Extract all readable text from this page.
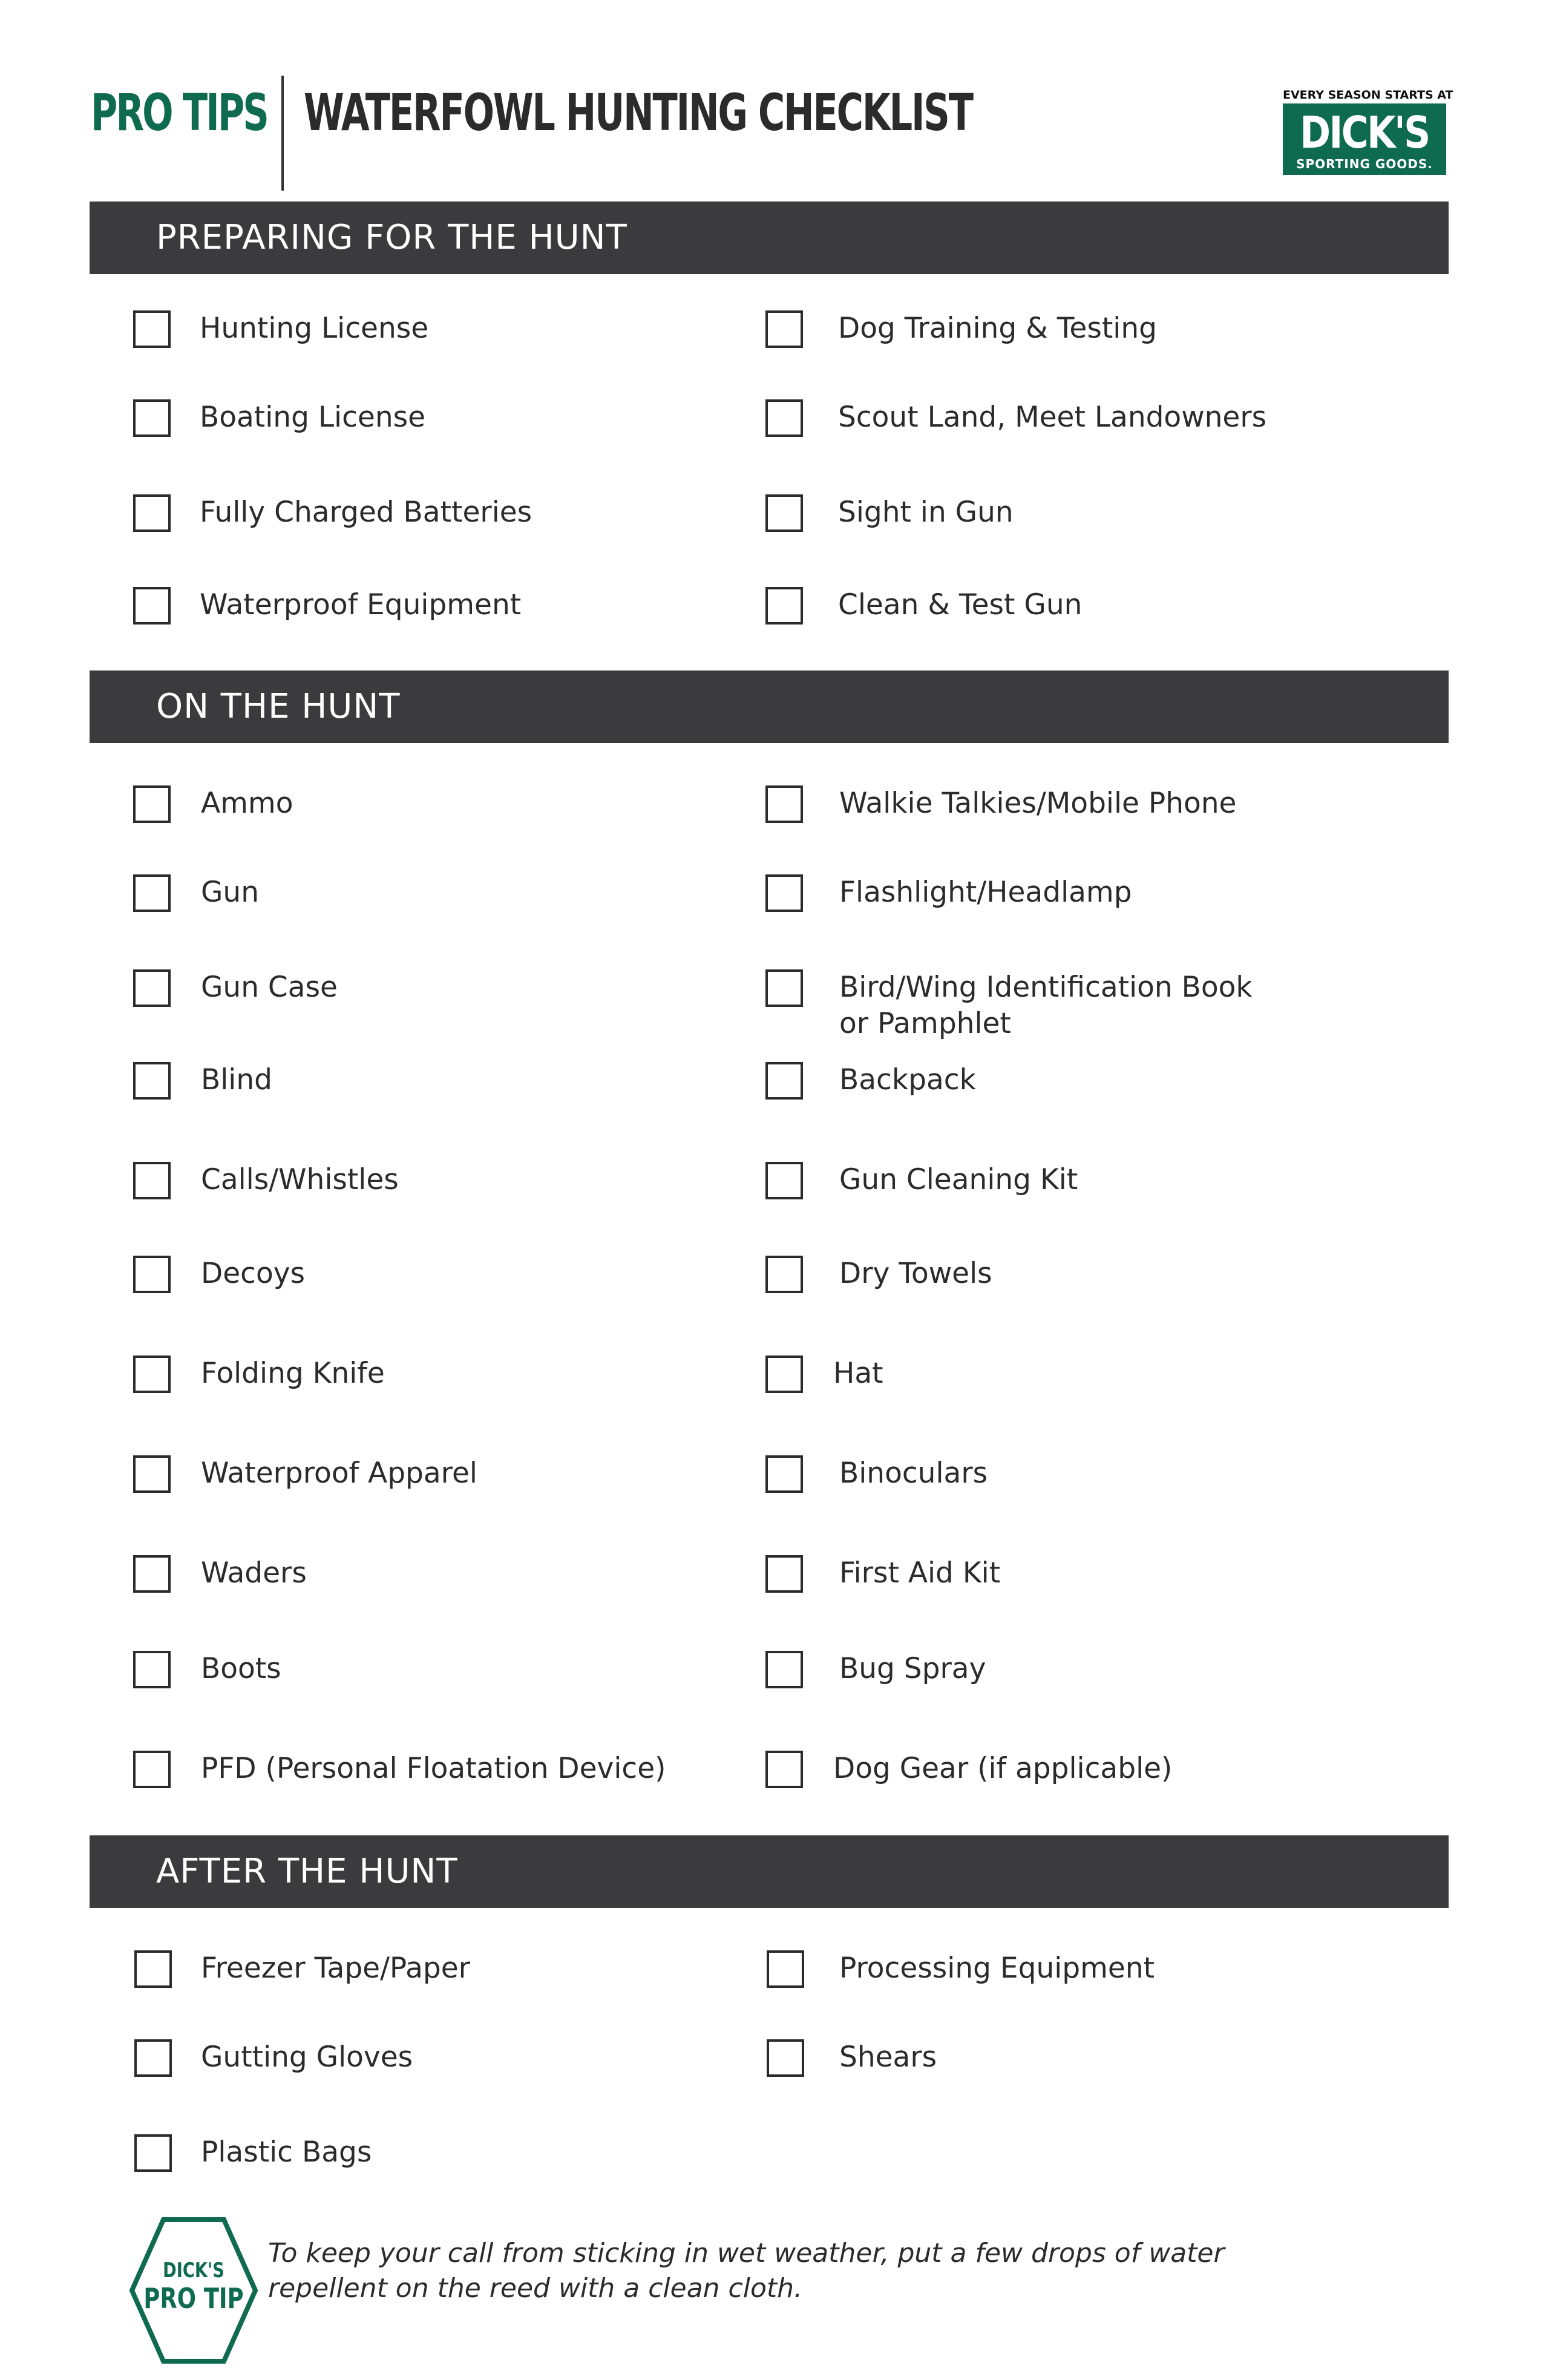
PRO TIPS WATERFOWL HUNTING CHECKLIST	EVERY SEASON STARTS AT
DICK'S
SPORTING GOODS.
PREPARING FOR THE HUNT
ON THE HUNT
AFTER THE HUNT
Hunting License
Boating License
Fully Charged Batteries
Waterproof Equipment
Dog Training & Testing
Scout Land, Meet Landowners
Sight in Gun
Clean & Test Gun
Ammo
Gun
Gun Case
Blind
Calls/Whistles
Decoys
Folding Knife
Waterproof Apparel
Waders
Boots
PFD (Personal Floatation Device)
Walkie Talkies/Mobile Phone
Flashlight/Headlamp
Bird/Wing Identification Book or Pamphlet
Backpack
Gun Cleaning Kit
Dry Towels
Hat
Binoculars
First Aid Kit
Bug Spray
Dog Gear (if applicable)
Freezer Tape/Paper
Gutting Gloves
Plastic Bags
Processing Equipment
Shears
DICK'S
PRO TIP
To keep your call from sticking in wet weather, put a few drops of water repellent on the reed with a clean cloth.
